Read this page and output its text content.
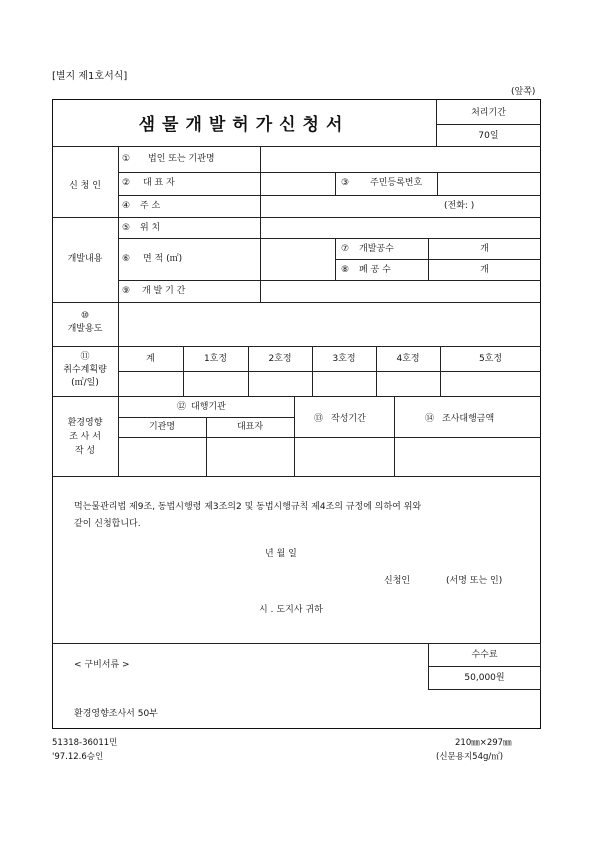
[별지 제1호서식]
(앞쪽)
샘물개발허가신청서
처리기간
70일
신 청 인
① 법인 또는 기관명
② 대 표 자	③ 주민등록번호
④ 주 소	(전화: )
개발내용
⑤ 위 치
⑥ 면 적 (㎡)
⑦ 개발공수	개
⑧ 폐 공 수	개
⑨ 개 발 기 간
⑩
개발용도
⑪
취수계획량
(㎥/일)
계	1호정	2호정	3호정	4호정	5호정
환경영향
조 사 서
작 성
⑫ 대행기관
기관명	대표자
⑬ 작성기간	⑭ 조사대행금액
먹는물관리법 제9조, 동법시행령 제3조의2 및 동법시행규칙 제4조의 규정에 의하여 위와
같이 신청합니다.
년 월 일
신청인	(서명 또는 인)
시 ․ 도지사 귀하
< 구비서류 >
수수료
50,000원
환경영향조사서 50부
51318-36011민
'97.12.6승인
210㎜×297㎜
(신문용지54g/㎡)
